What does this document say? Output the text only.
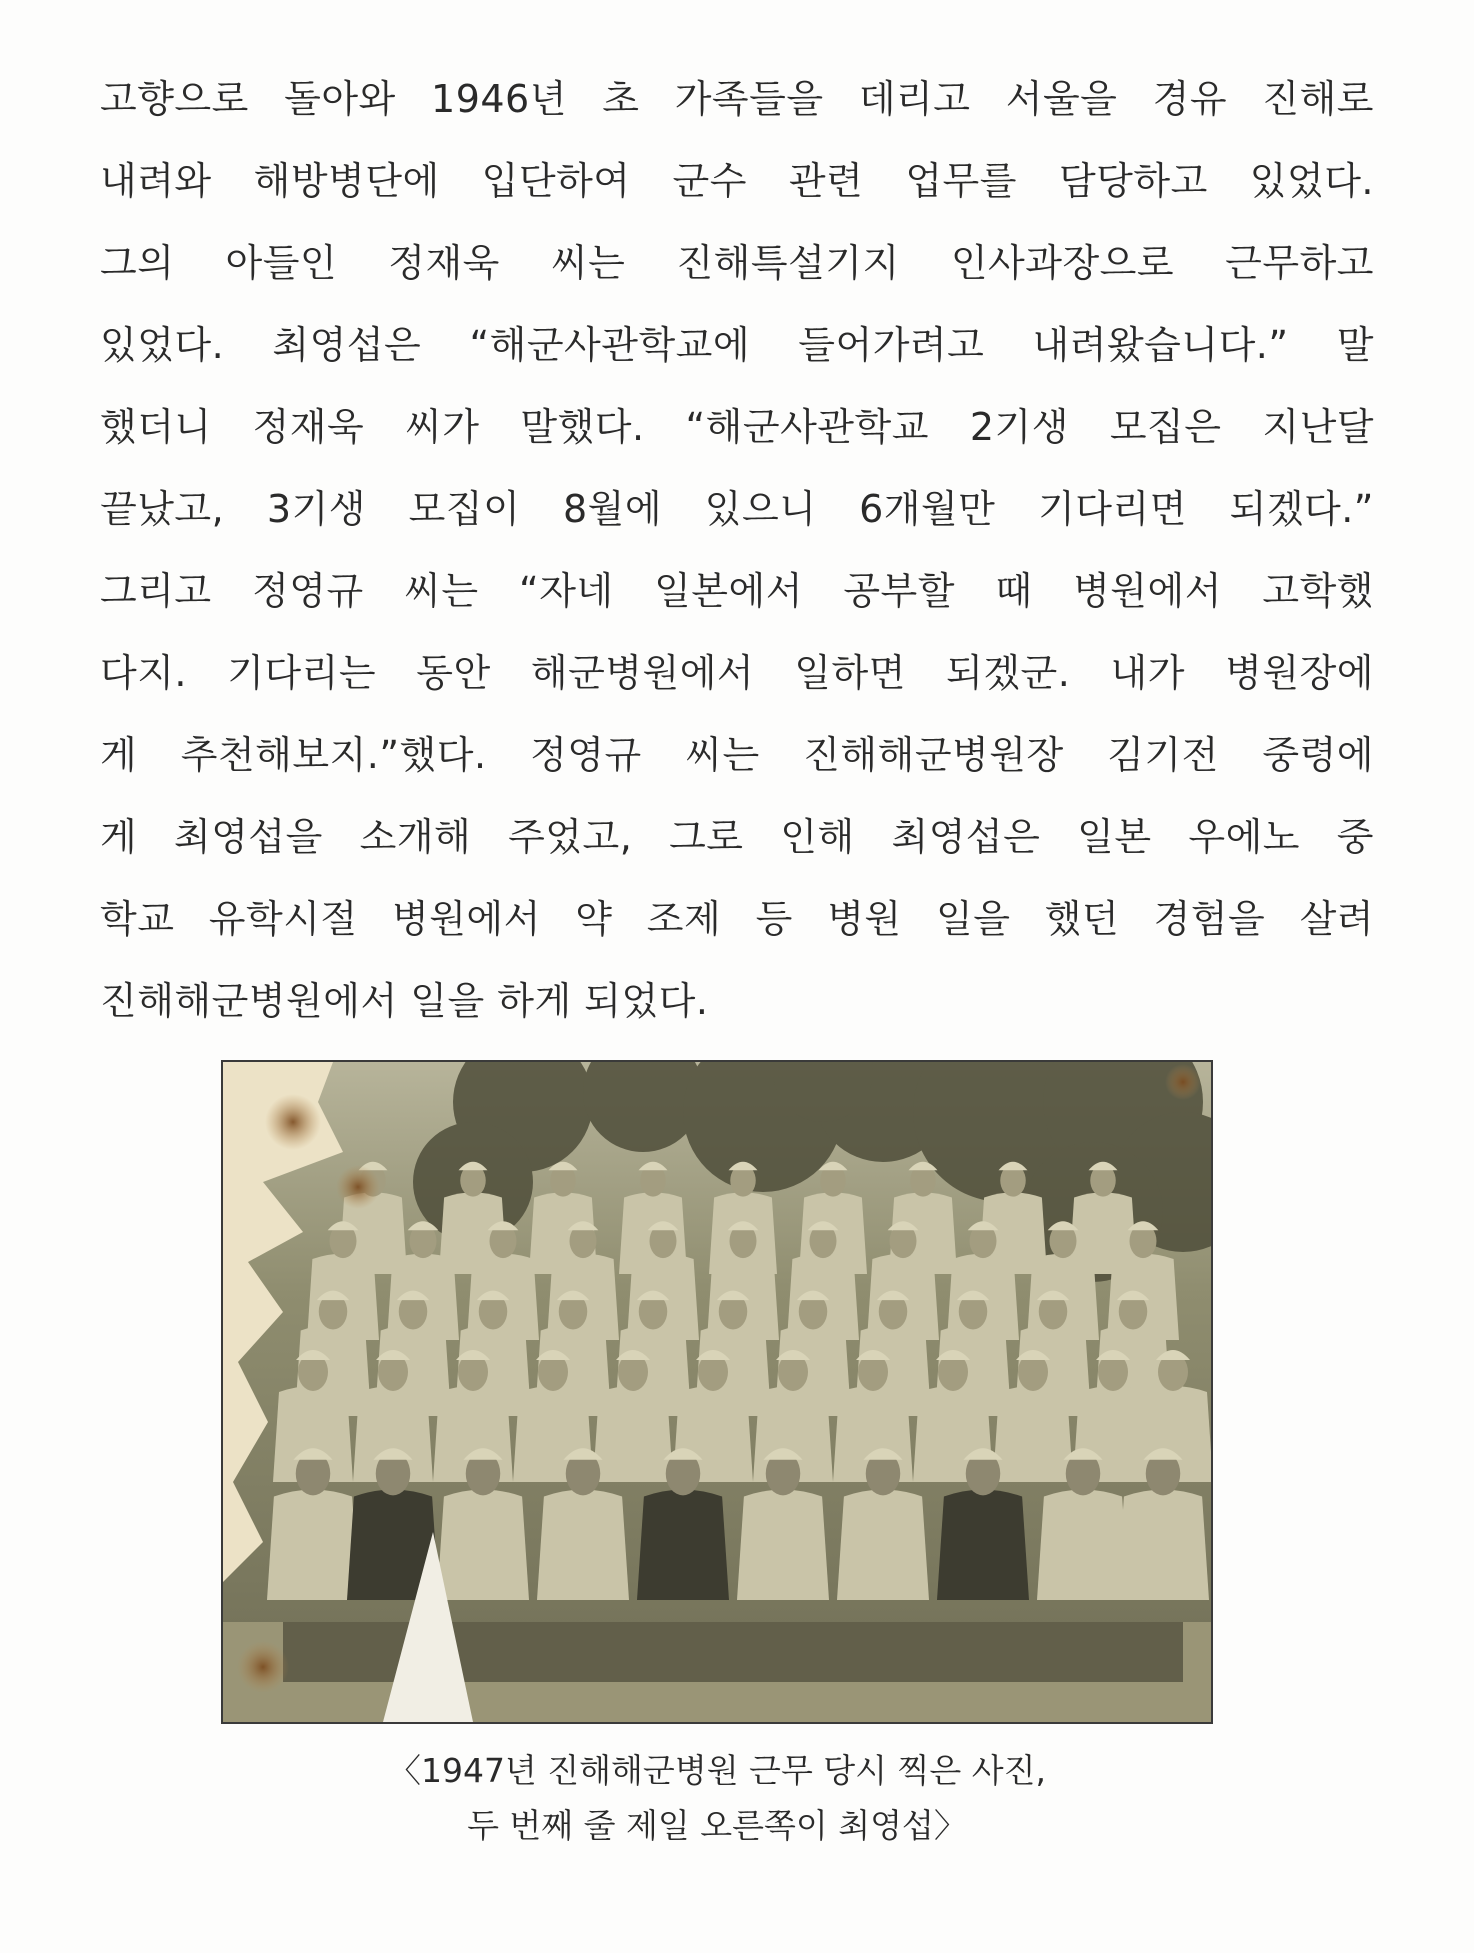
고향으로 돌아와 1946년 초 가족들을 데리고 서울을 경유 진해로
내려와 해방병단에 입단하여 군수 관련 업무를 담당하고 있었다.
그의 아들인 정재욱 씨는 진해특설기지 인사과장으로 근무하고
있었다. 최영섭은 “해군사관학교에 들어가려고 내려왔습니다.” 말
했더니 정재욱 씨가 말했다. “해군사관학교 2기생 모집은 지난달
끝났고, 3기생 모집이 8월에 있으니 6개월만 기다리면 되겠다.”
그리고 정영규 씨는 “자네 일본에서 공부할 때 병원에서 고학했
다지. 기다리는 동안 해군병원에서 일하면 되겠군. 내가 병원장에
게 추천해보지.”했다. 정영규 씨는 진해해군병원장 김기전 중령에
게 최영섭을 소개해 주었고, 그로 인해 최영섭은 일본 우에노 중
학교 유학시절 병원에서 약 조제 등 병원 일을 했던 경험을 살려
진해해군병원에서 일을 하게 되었다.
〈1947년 진해해군병원 근무 당시 찍은 사진,
두 번째 줄 제일 오른쪽이 최영섭〉
